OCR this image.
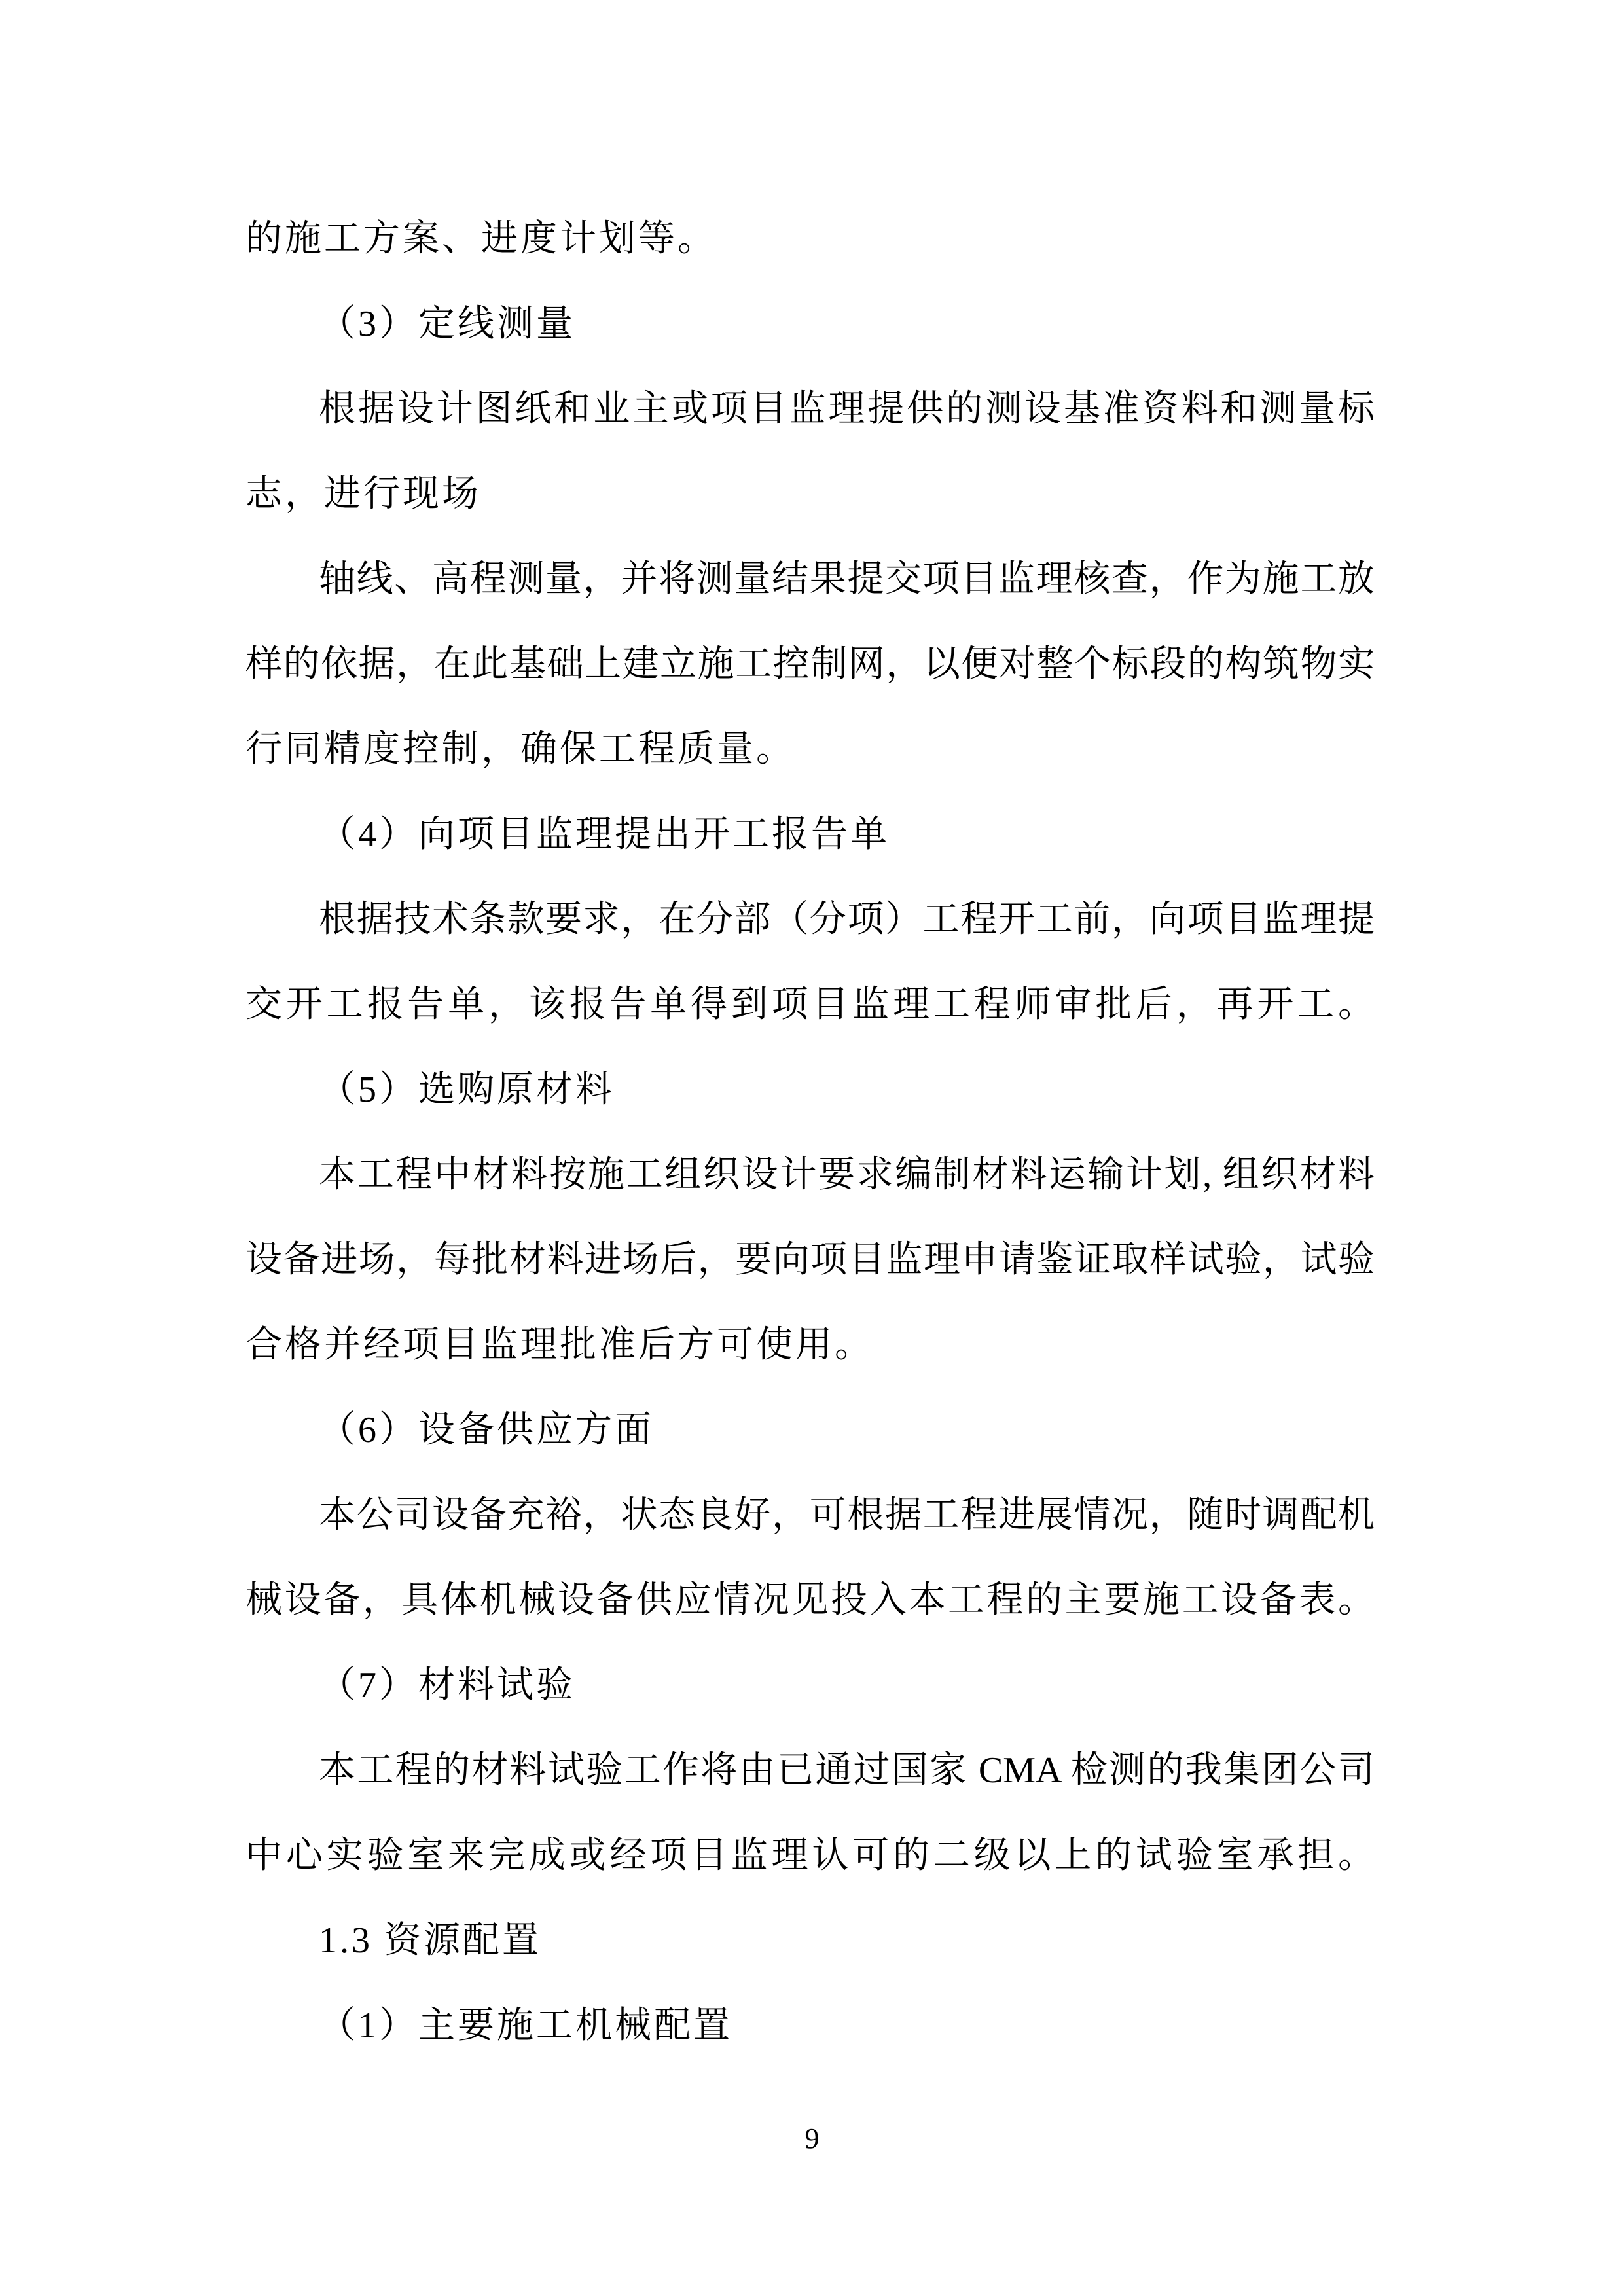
的施工方案、进度计划等。
（3）定线测量
根据设计图纸和业主或项目监理提供的测设基准资料和测量标
志，进行现场
轴线、高程测量，并将测量结果提交项目监理核查，作为施工放
样的依据，在此基础上建立施工控制网，以便对整个标段的构筑物实
行同精度控制，确保工程质量。
（4）向项目监理提出开工报告单
根据技术条款要求，在分部（分项）工程开工前，向项目监理提
交开工报告单，该报告单得到项目监理工程师审批后，再开工。
（5）选购原材料
本工程中材料按施工组织设计要求编制材料运输计划, 组织材料
设备进场，每批材料进场后，要向项目监理申请鉴证取样试验，试验
合格并经项目监理批准后方可使用。
（6）设备供应方面
本公司设备充裕，状态良好，可根据工程进展情况，随时调配机
械设备，具体机械设备供应情况见投入本工程的主要施工设备表。
（7）材料试验
本工程的材料试验工作将由已通过国家 CMA 检测的我集团公司
中心实验室来完成或经项目监理认可的二级以上的试验室承担。
1.3 资源配置
（1）主要施工机械配置
9
